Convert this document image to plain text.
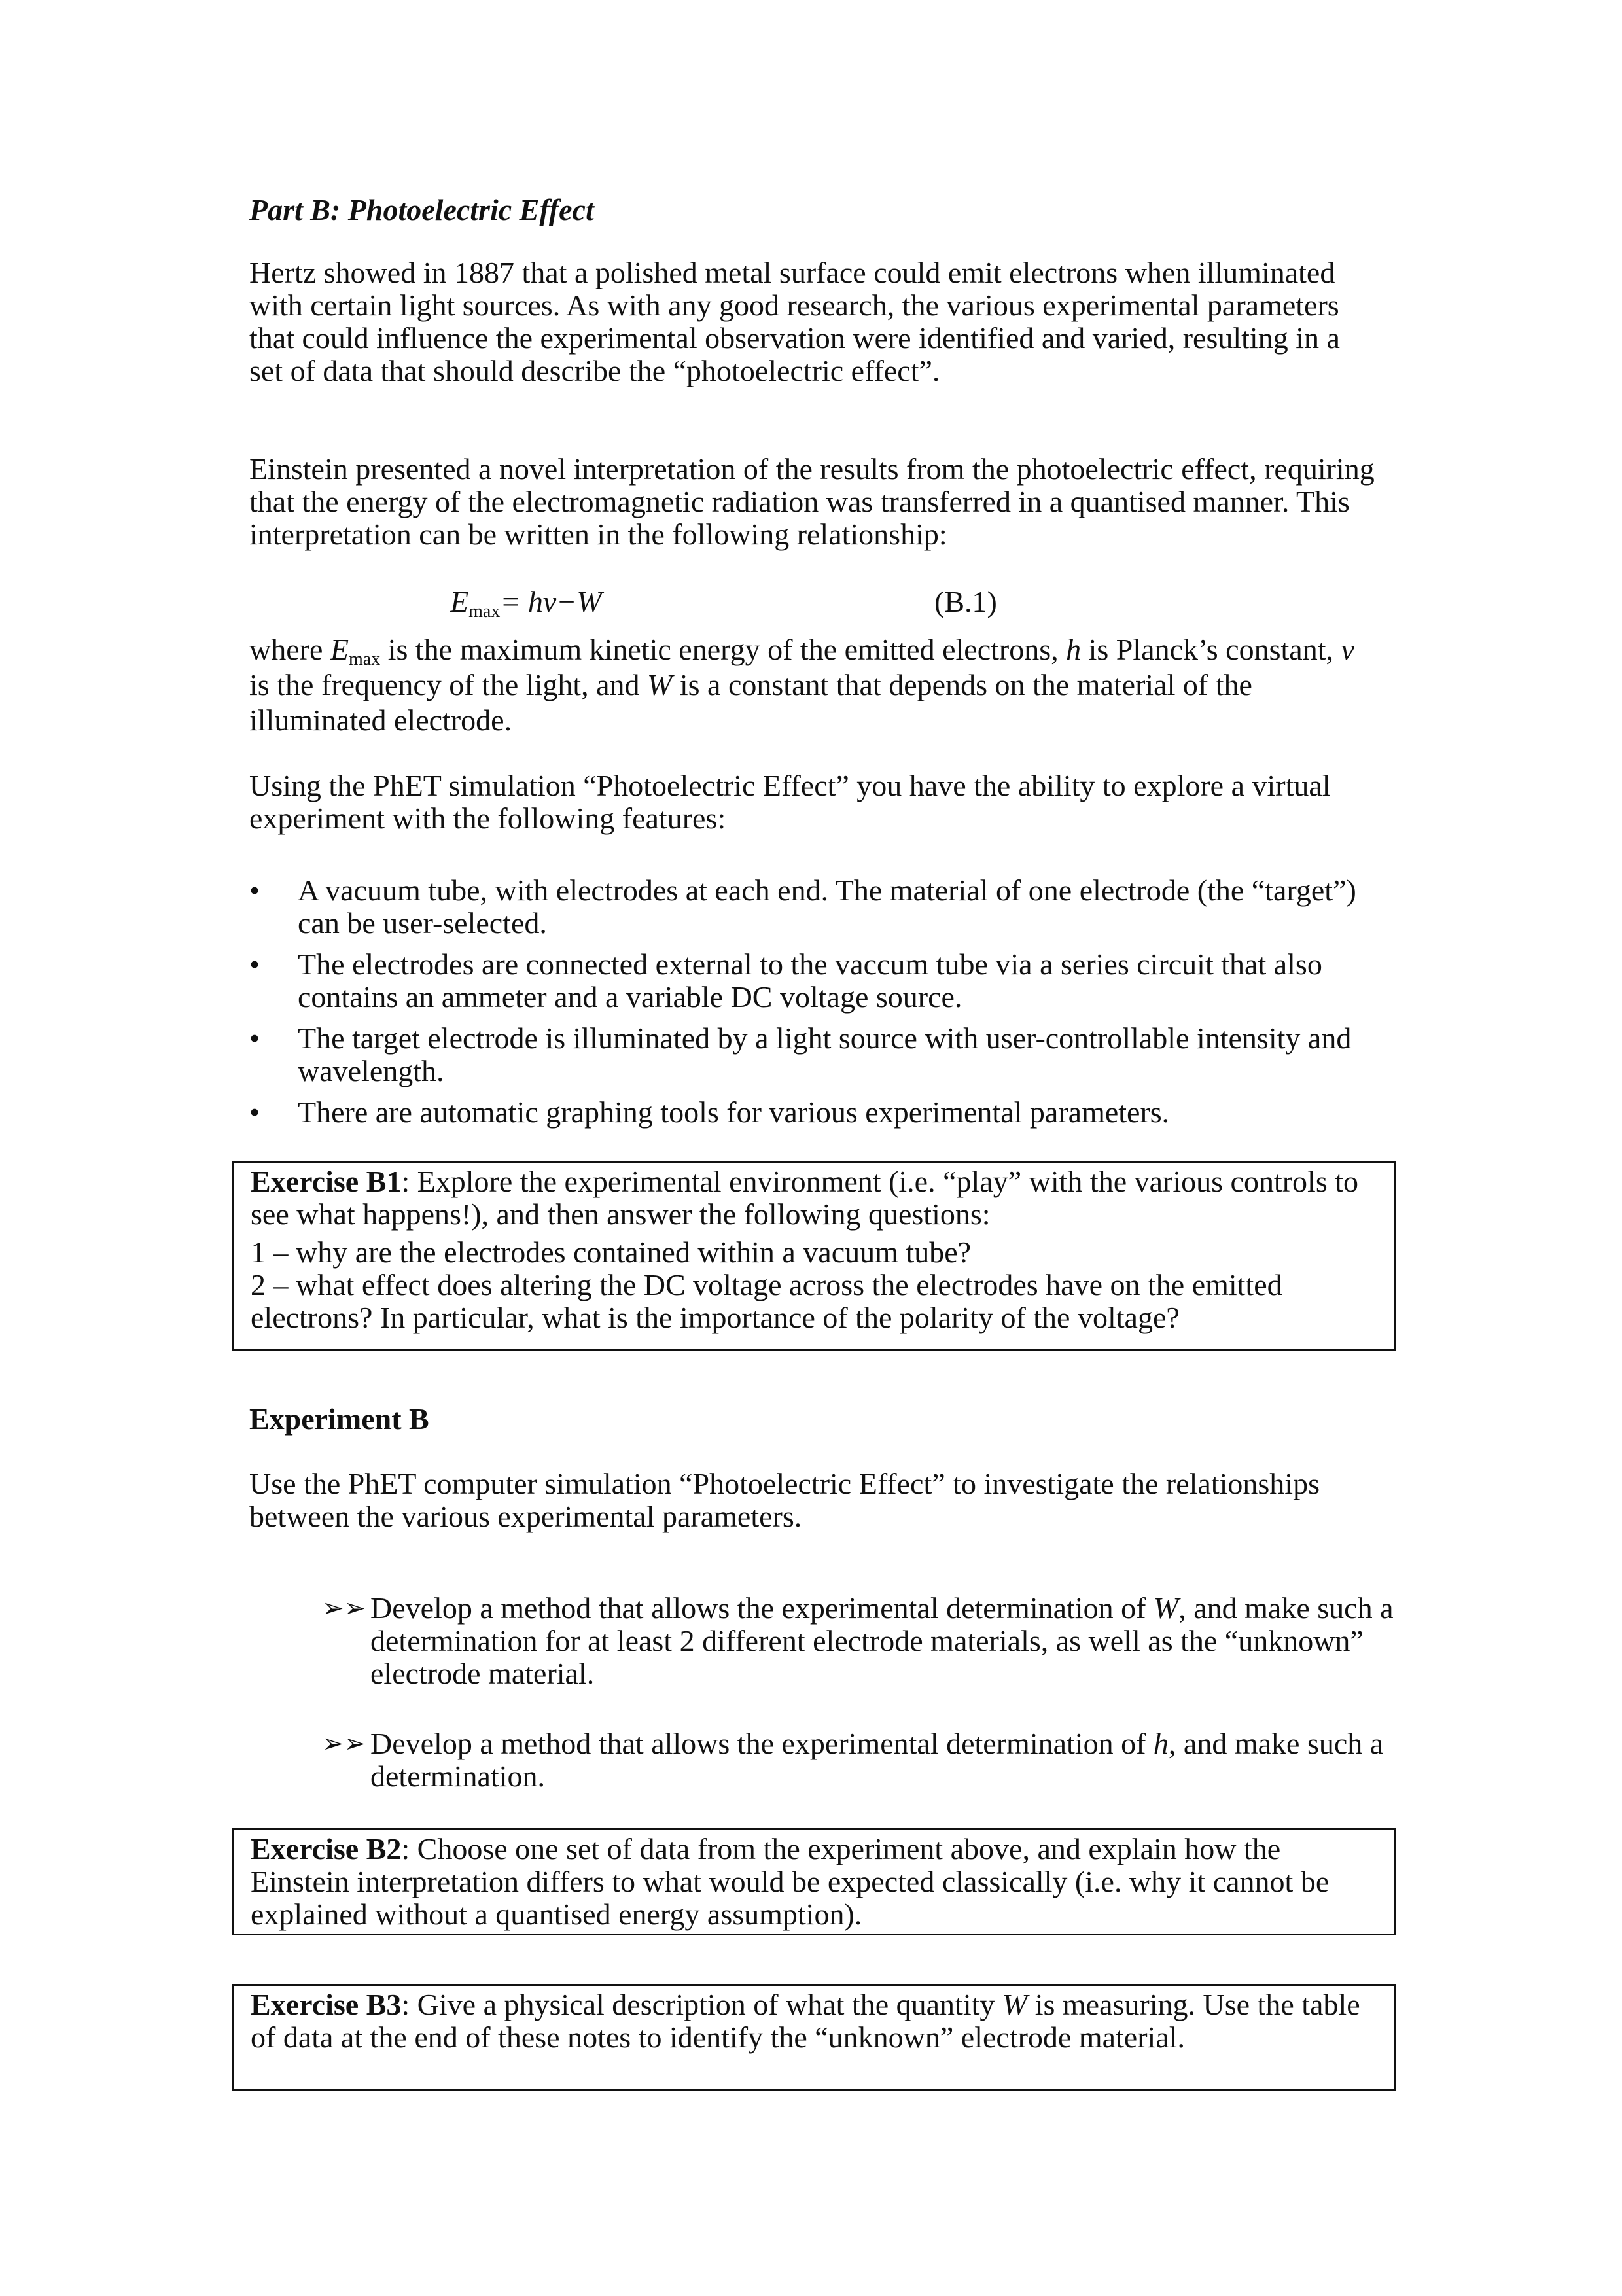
Part B: Photoelectric Effect
Hertz showed in 1887 that a polished metal surface could emit electrons when illuminated with certain light sources. As with any good research, the various experimental parameters that could influence the experimental observation were identified and varied, resulting in a set of data that should describe the “photoelectric effect”.
Einstein presented a novel interpretation of the results from the photoelectric effect, requiring that the energy of the electromagnetic radiation was transferred in a quantised manner. This interpretation can be written in the following relationship:
$E_{max}= h\nu-W$	(B.1)
where $E_{max}$ is the maximum kinetic energy of the emitted electrons, h is Planck’s constant, ν is the frequency of the light, and W is a constant that depends on the material of the illuminated electrode.
Using the PhET simulation “Photoelectric Effect” you have the ability to explore a virtual experiment with the following features:
• A vacuum tube, with electrodes at each end. The material of one electrode (the “target”) can be user-selected.
• The electrodes are connected external to the vaccum tube via a series circuit that also contains an ammeter and a variable DC voltage source.
• The target electrode is illuminated by a light source with user-controllable intensity and wavelength.
• There are automatic graphing tools for various experimental parameters.

Exercise B1: Explore the experimental environment (i.e. “play” with the various controls to see what happens!), and then answer the following questions:

1 – why are the electrodes contained within a vacuum tube?

2 – what effect does altering the DC voltage across the electrodes have on the emitted electrons? In particular, what is the importance of the polarity of the voltage?

Experiment B
Use the PhET computer simulation “Photoelectric Effect” to investigate the relationships between the various experimental parameters.
➢➢ Develop a method that allows the experimental determination of W, and make such a determination for at least 2 different electrode materials, as well as the “unknown” electrode material.
➢➢ Develop a method that allows the experimental determination of h, and make such a determination.

Exercise B2: Choose one set of data from the experiment above, and explain how the Einstein interpretation differs to what would be expected classically (i.e. why it cannot be explained without a quantised energy assumption).

Exercise B3: Give a physical description of what the quantity W is measuring. Use the table of data at the end of these notes to identify the “unknown” electrode material.
